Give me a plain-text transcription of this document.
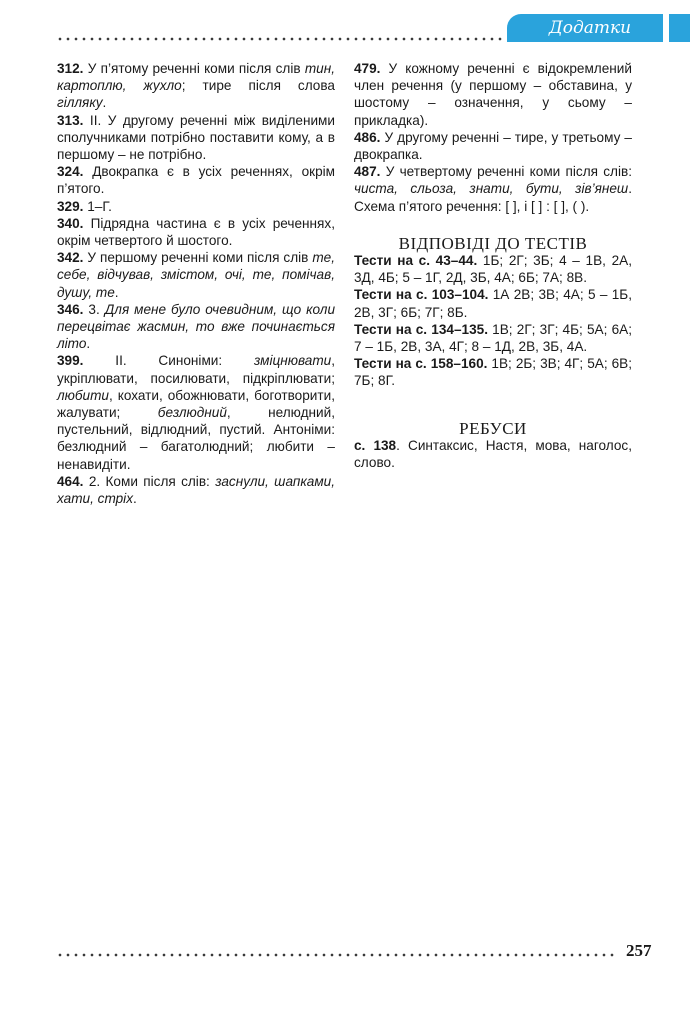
Додатки

312. У п’ятому реченні коми після слів тин, картоплю, жухло; тире після слова гілляку.

313. II. У другому реченні між виділеними сполучниками потрібно поставити кому, а в першому – не потрібно.

324. Двокрапка є в усіх реченнях, окрім п’ятого.

329. 1–Г.

340. Підрядна частина є в усіх реченнях, окрім четвертого й шостого.

342. У першому реченні коми після слів те, себе, відчував, змістом, очі, те, помічав, душу, те.

346. 3. Для мене було очевидним, що коли перецвітає жасмин, то вже починається літо.

399. II. Синоніми: зміцнювати, укріплювати, посилювати, підкріплювати; любити, кохати, обожнювати, боготворити, жалувати; безлюдний, нелюдний, пустельний, відлюдний, пустий. Антоніми: безлюдний – багатолюдний; любити – ненавидіти.

464. 2. Коми після слів: заснули, шапками, хати, стріх.

479. У кожному реченні є відокремлений член речення (у першому – обставина, у шостому – означення, у сьому – прикладка).

486. У другому реченні – тире, у третьому – двокрапка.

487. У четвертому реченні коми після слів: чиста, сльоза, знати, бути, зів’янеш. Схема п’ятого речення: [ ], і [ ] : [ ], ( ).

ВІДПОВІДІ ДО ТЕСТІВ

Тести на с. 43–44. 1Б; 2Г; 3Б; 4 – 1В, 2А, 3Д, 4Б; 5 – 1Г, 2Д, 3Б, 4А; 6Б; 7А; 8В.

Тести на с. 103–104. 1А 2В; 3В; 4А; 5 – 1Б, 2В, 3Г; 6Б; 7Г; 8Б.

Тести на с. 134–135. 1В; 2Г; 3Г; 4Б; 5А; 6А; 7 – 1Б, 2В, 3А, 4Г; 8 – 1Д, 2В, 3Б, 4А.

Тести на с. 158–160. 1В; 2Б; 3В; 4Г; 5А; 6В; 7Б; 8Г.

РЕБУСИ

с. 138. Синтаксис, Настя, мова, наголос, слово.

257
